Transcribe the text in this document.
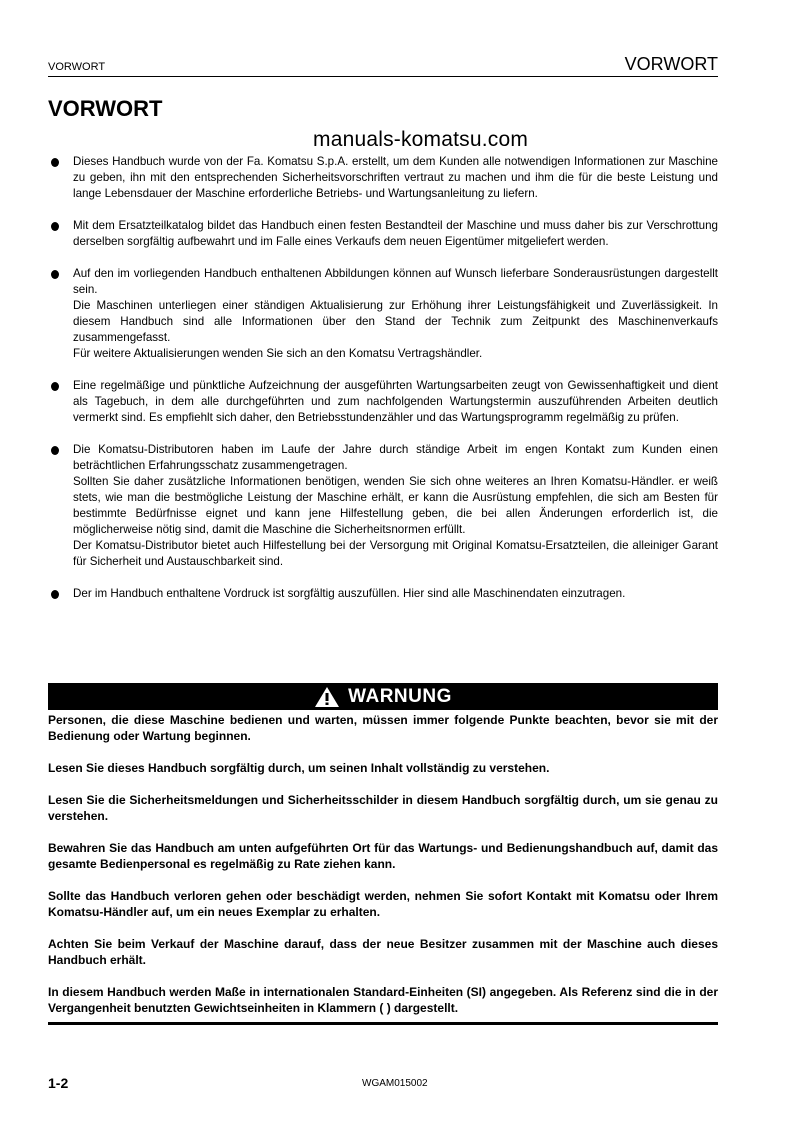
VORWORT	VORWORT
VORWORT
manuals-komatsu.com

Dieses Handbuch wurde von der Fa. Komatsu S.p.A. erstellt, um dem Kunden alle notwendigen Informationen zur Maschine zu geben, ihn mit den entsprechenden Sicherheitsvorschriften vertraut zu machen und ihm die für die beste Leistung und lange Lebensdauer der Maschine erforderliche Betriebs- und Wartungsanleitung zu liefern.

Mit dem Ersatzteilkatalog bildet das Handbuch einen festen Bestandteil der Maschine und muss daher bis zur Verschrottung derselben sorgfältig aufbewahrt und im Falle eines Verkaufs dem neuen Eigentümer mitgeliefert werden.

Auf den im vorliegenden Handbuch enthaltenen Abbildungen können auf Wunsch lieferbare Sonderausrüstungen dargestellt sein.

Die Maschinen unterliegen einer ständigen Aktualisierung zur Erhöhung ihrer Leistungsfähigkeit und Zuverlässigkeit. In diesem Handbuch sind alle Informationen über den Stand der Technik zum Zeitpunkt des Maschinenverkaufs zusammengefasst.

Für weitere Aktualisierungen wenden Sie sich an den Komatsu Vertragshändler.

Eine regelmäßige und pünktliche Aufzeichnung der ausgeführten Wartungsarbeiten zeugt von Gewissenhaftigkeit und dient als Tagebuch, in dem alle durchgeführten und zum nachfolgenden Wartungstermin auszuführenden Arbeiten deutlich vermerkt sind. Es empfiehlt sich daher, den Betriebsstundenzähler und das Wartungsprogramm regelmäßig zu prüfen.

Die Komatsu-Distributoren haben im Laufe der Jahre durch ständige Arbeit im engen Kontakt zum Kunden einen beträchtlichen Erfahrungsschatz zusammengetragen.

Sollten Sie daher zusätzliche Informationen benötigen, wenden Sie sich ohne weiteres an Ihren Komatsu-Händler. er weiß stets, wie man die bestmögliche Leistung der Maschine erhält, er kann die Ausrüstung empfehlen, die sich am Besten für bestimmte Bedürfnisse eignet und kann jene Hilfestellung geben, die bei allen Änderungen erforderlich ist, die möglicherweise nötig sind, damit die Maschine die Sicherheitsnormen erfüllt.

Der Komatsu-Distributor bietet auch Hilfestellung bei der Versorgung mit Original Komatsu-Ersatzteilen, die alleiniger Garant für Sicherheit und Austauschbarkeit sind.

Der im Handbuch enthaltene Vordruck ist sorgfältig auszufüllen. Hier sind alle Maschinendaten einzutragen.

WARNUNG

Personen, die diese Maschine bedienen und warten, müssen immer folgende Punkte beachten, bevor sie mit der Bedienung oder Wartung beginnen.

Lesen Sie dieses Handbuch sorgfältig durch, um seinen Inhalt vollständig zu verstehen.

Lesen Sie die Sicherheitsmeldungen und Sicherheitsschilder in diesem Handbuch sorgfältig durch, um sie genau zu verstehen.

Bewahren Sie das Handbuch am unten aufgeführten Ort für das Wartungs- und Bedienungshandbuch auf, damit das gesamte Bedienpersonal es regelmäßig zu Rate ziehen kann.

Sollte das Handbuch verloren gehen oder beschädigt werden, nehmen Sie sofort Kontakt mit Komatsu oder Ihrem Komatsu-Händler auf, um ein neues Exemplar zu erhalten.

Achten Sie beim Verkauf der Maschine darauf, dass der neue Besitzer zusammen mit der Maschine auch dieses Handbuch erhält.

In diesem Handbuch werden Maße in internationalen Standard-Einheiten (SI) angegeben. Als Referenz sind die in der Vergangenheit benutzten Gewichtseinheiten in Klammern ( ) dargestellt.

1-2	WGAM015002
